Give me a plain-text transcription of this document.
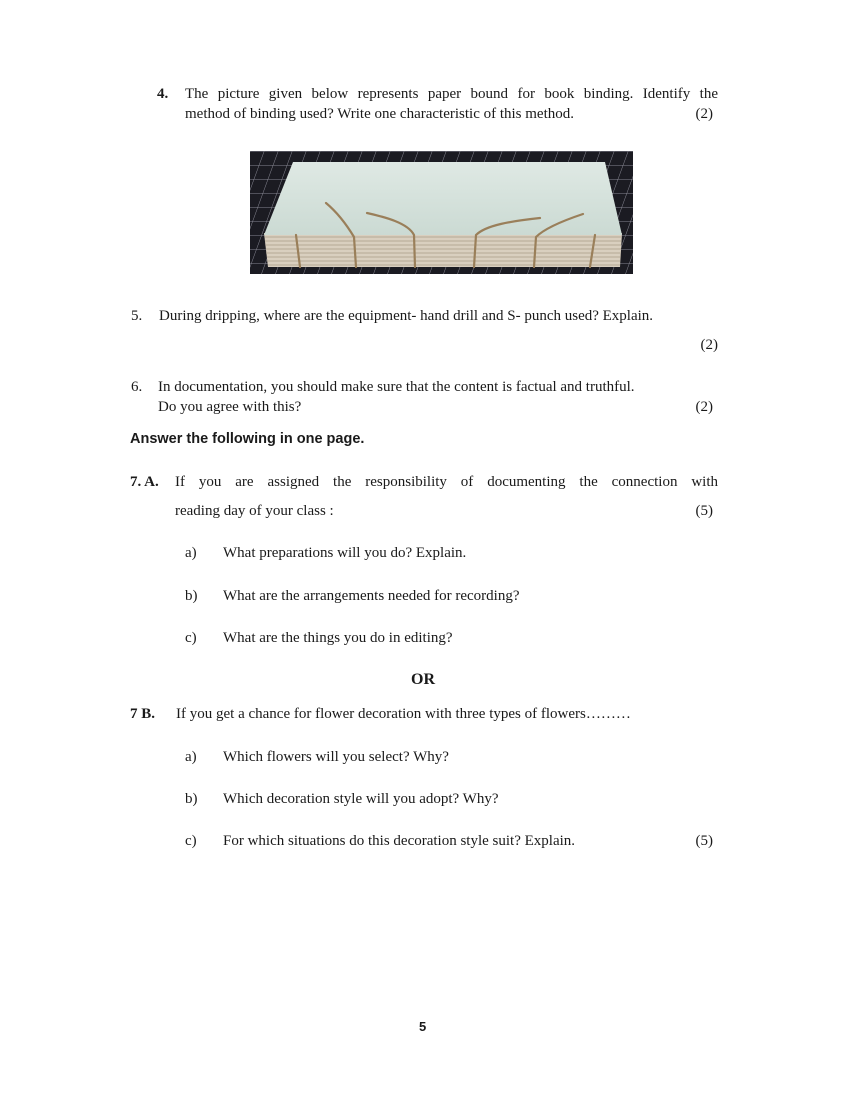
4. The picture given below represents paper bound for book binding. Identify the
method of binding used? Write one characteristic of this method.	(2)
5. During dripping, where are the equipment- hand drill and S- punch used? Explain.
(2)
6. In documentation, you should make sure that the content is factual and truthful.
Do you agree with this?	(2)
Answer the following in one page.
7. A. If you are assigned the responsibility of documenting the connection with
reading day of your class :	(5)
a) What preparations will you do? Explain.
b) What are the arrangements needed for recording?
c) What are the things you do in editing?
OR
7 B. If you get a chance for flower decoration with three types of flowers………
a) Which flowers will you select? Why?
b) Which decoration style will you adopt? Why?
c) For which situations do this decoration style suit? Explain.	(5)
5
